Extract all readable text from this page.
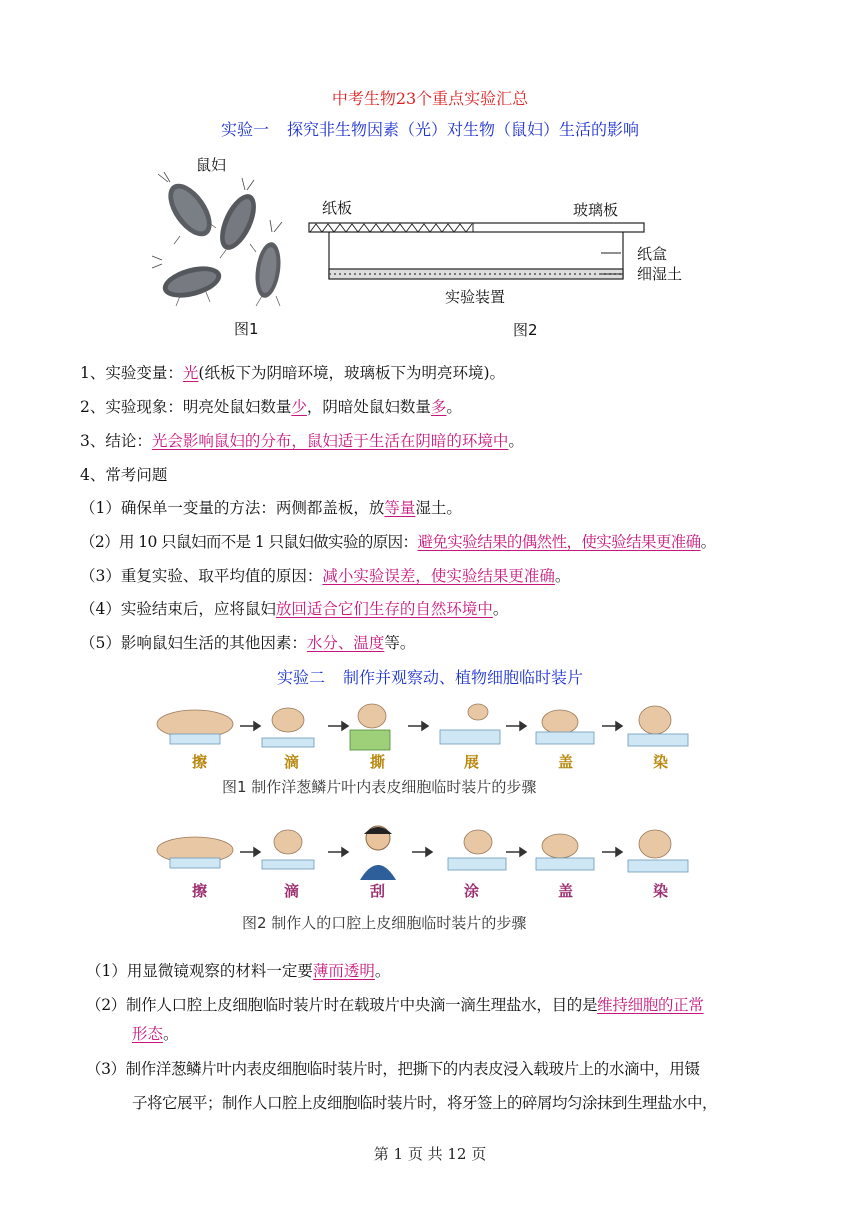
中考生物23个重点实验汇总
实验一 探究非生物因素（光）对生物（鼠妇）生活的影响
鼠妇
图1
纸板	玻璃板
纸盒
细湿土
实验装置
图2
1、实验变量：光(纸板下为阴暗环境，玻璃板下为明亮环境)。
2、实验现象：明亮处鼠妇数量少，阴暗处鼠妇数量多。
3、结论：光会影响鼠妇的分布，鼠妇适于生活在阴暗的环境中。
4、常考问题
（1）确保单一变量的方法：两侧都盖板，放等量湿土。
（2）用 10 只鼠妇而不是 1 只鼠妇做实验的原因：避免实验结果的偶然性，使实验结果更准确。
（3）重复实验、取平均值的原因：减小实验误差，使实验结果更准确。
（4）实验结束后，应将鼠妇放回适合它们生存的自然环境中。
（5）影响鼠妇生活的其他因素：水分、温度等。
实验二 制作并观察动、植物细胞临时装片
擦	滴	撕	展	盖	染
图1 制作洋葱鳞片叶内表皮细胞临时装片的步骤
擦	滴	刮	涂	盖	染
图2 制作人的口腔上皮细胞临时装片的步骤
（1）用显微镜观察的材料一定要薄而透明。
（2）制作人口腔上皮细胞临时装片时在载玻片中央滴一滴生理盐水，目的是维持细胞的正常
形态。
（3）制作洋葱鳞片叶内表皮细胞临时装片时，把撕下的内表皮浸入载玻片上的水滴中，用镊
子将它展平；制作人口腔上皮细胞临时装片时，将牙签上的碎屑均匀涂抹到生理盐水中，
第 1 页 共 12 页
